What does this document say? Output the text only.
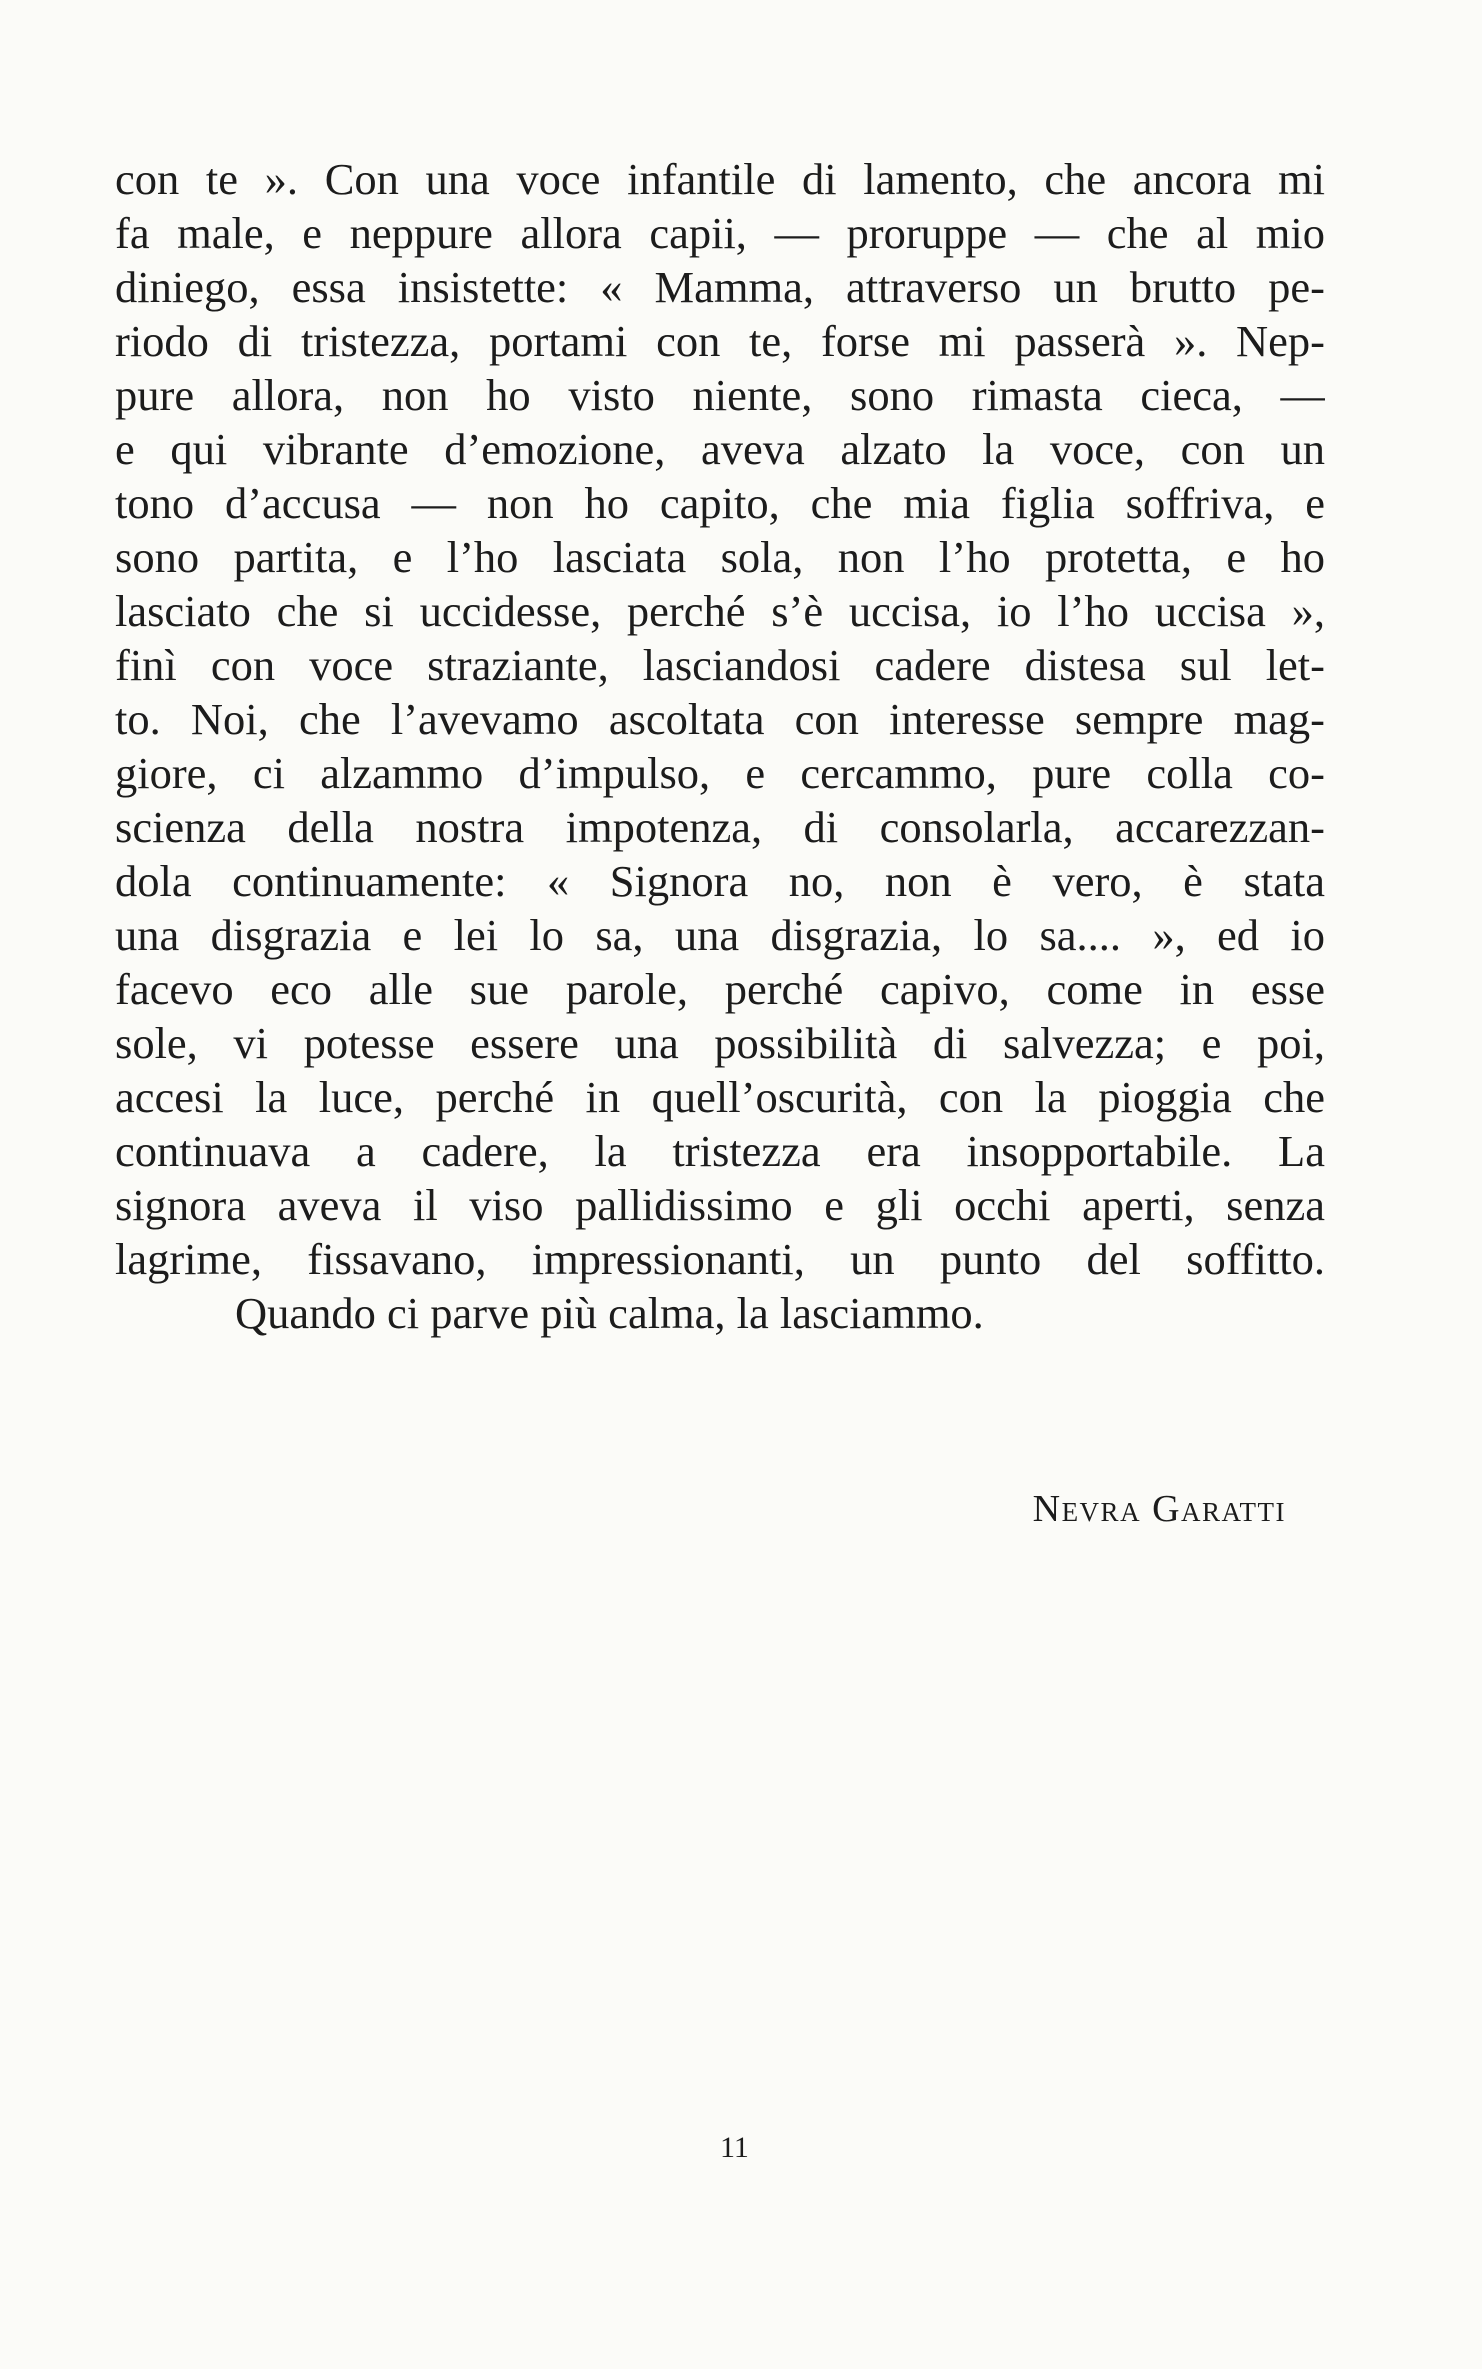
con te ». Con una voce infantile di lamento, che ancora mi
fa male, e neppure allora capii, — proruppe — che al mio
diniego, essa insistette: « Mamma, attraverso un brutto pe-
riodo di tristezza, portami con te, forse mi passerà ». Nep-
pure allora, non ho visto niente, sono rimasta cieca, —
e qui vibrante d’emozione, aveva alzato la voce, con un
tono d’accusa — non ho capito, che mia figlia soffriva, e
sono partita, e l’ho lasciata sola, non l’ho protetta, e ho
lasciato che si uccidesse, perché s’è uccisa, io l’ho uccisa »,
finì con voce straziante, lasciandosi cadere distesa sul let-
to. Noi, che l’avevamo ascoltata con interesse sempre mag-
giore, ci alzammo d’impulso, e cercammo, pure colla co-
scienza della nostra impotenza, di consolarla, accarezzan-
dola continuamente: « Signora no, non è vero, è stata
una disgrazia e lei lo sa, una disgrazia, lo sa.... », ed io
facevo eco alle sue parole, perché capivo, come in esse
sole, vi potesse essere una possibilità di salvezza; e poi,
accesi la luce, perché in quell’oscurità, con la pioggia che
continuava a cadere, la tristezza era insopportabile. La
signora aveva il viso pallidissimo e gli occhi aperti, senza
lagrime, fissavano, impressionanti, un punto del soffitto.
Quando ci parve più calma, la lasciammo.
Nevra Garatti
11
